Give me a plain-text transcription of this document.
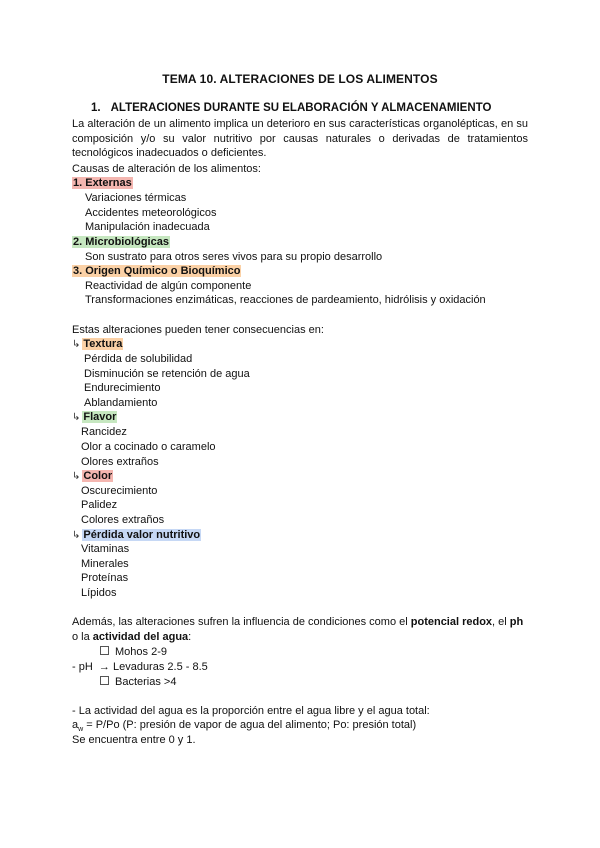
TEMA 10. ALTERACIONES DE LOS ALIMENTOS
1. ALTERACIONES DURANTE SU ELABORACIÓN Y ALMACENAMIENTO
La alteración de un alimento implica un deterioro en sus características organolépticas, en su composición y/o su valor nutritivo por causas naturales o derivadas de tratamientos tecnológicos inadecuados o deficientes.
Causas de alteración de los alimentos:
1. Externas
Variaciones térmicas
Accidentes meteorológicos
Manipulación inadecuada
2. Microbiológicas
Son sustrato para otros seres vivos para su propio desarrollo
3. Origen Químico o Bioquímico
Reactividad de algún componente
Transformaciones enzimáticas, reacciones de pardeamiento, hidrólisis y oxidación
Estas alteraciones pueden tener consecuencias en:
↳ Textura
Pérdida de solubilidad
Disminución se retención de agua
Endurecimiento
Ablandamiento
↳ Flavor
Rancidez
Olor a cocinado o caramelo
Olores extraños
↳ Color
Oscurecimiento
Palidez
Colores extraños
↳ Pérdida valor nutritivo
Vitaminas
Minerales
Proteínas
Lípidos
Además, las alteraciones sufren la influencia de condiciones como el potencial redox, el ph
o la actividad del agua:
Mohos 2-9
- pH → Levaduras 2.5 - 8.5
Bacterias >4
- La actividad del agua es la proporción entre el agua libre y el agua total:
$a_w = P/Po$ (P: presión de vapor de agua del alimento; Po: presión total)
Se encuentra entre 0 y 1.
